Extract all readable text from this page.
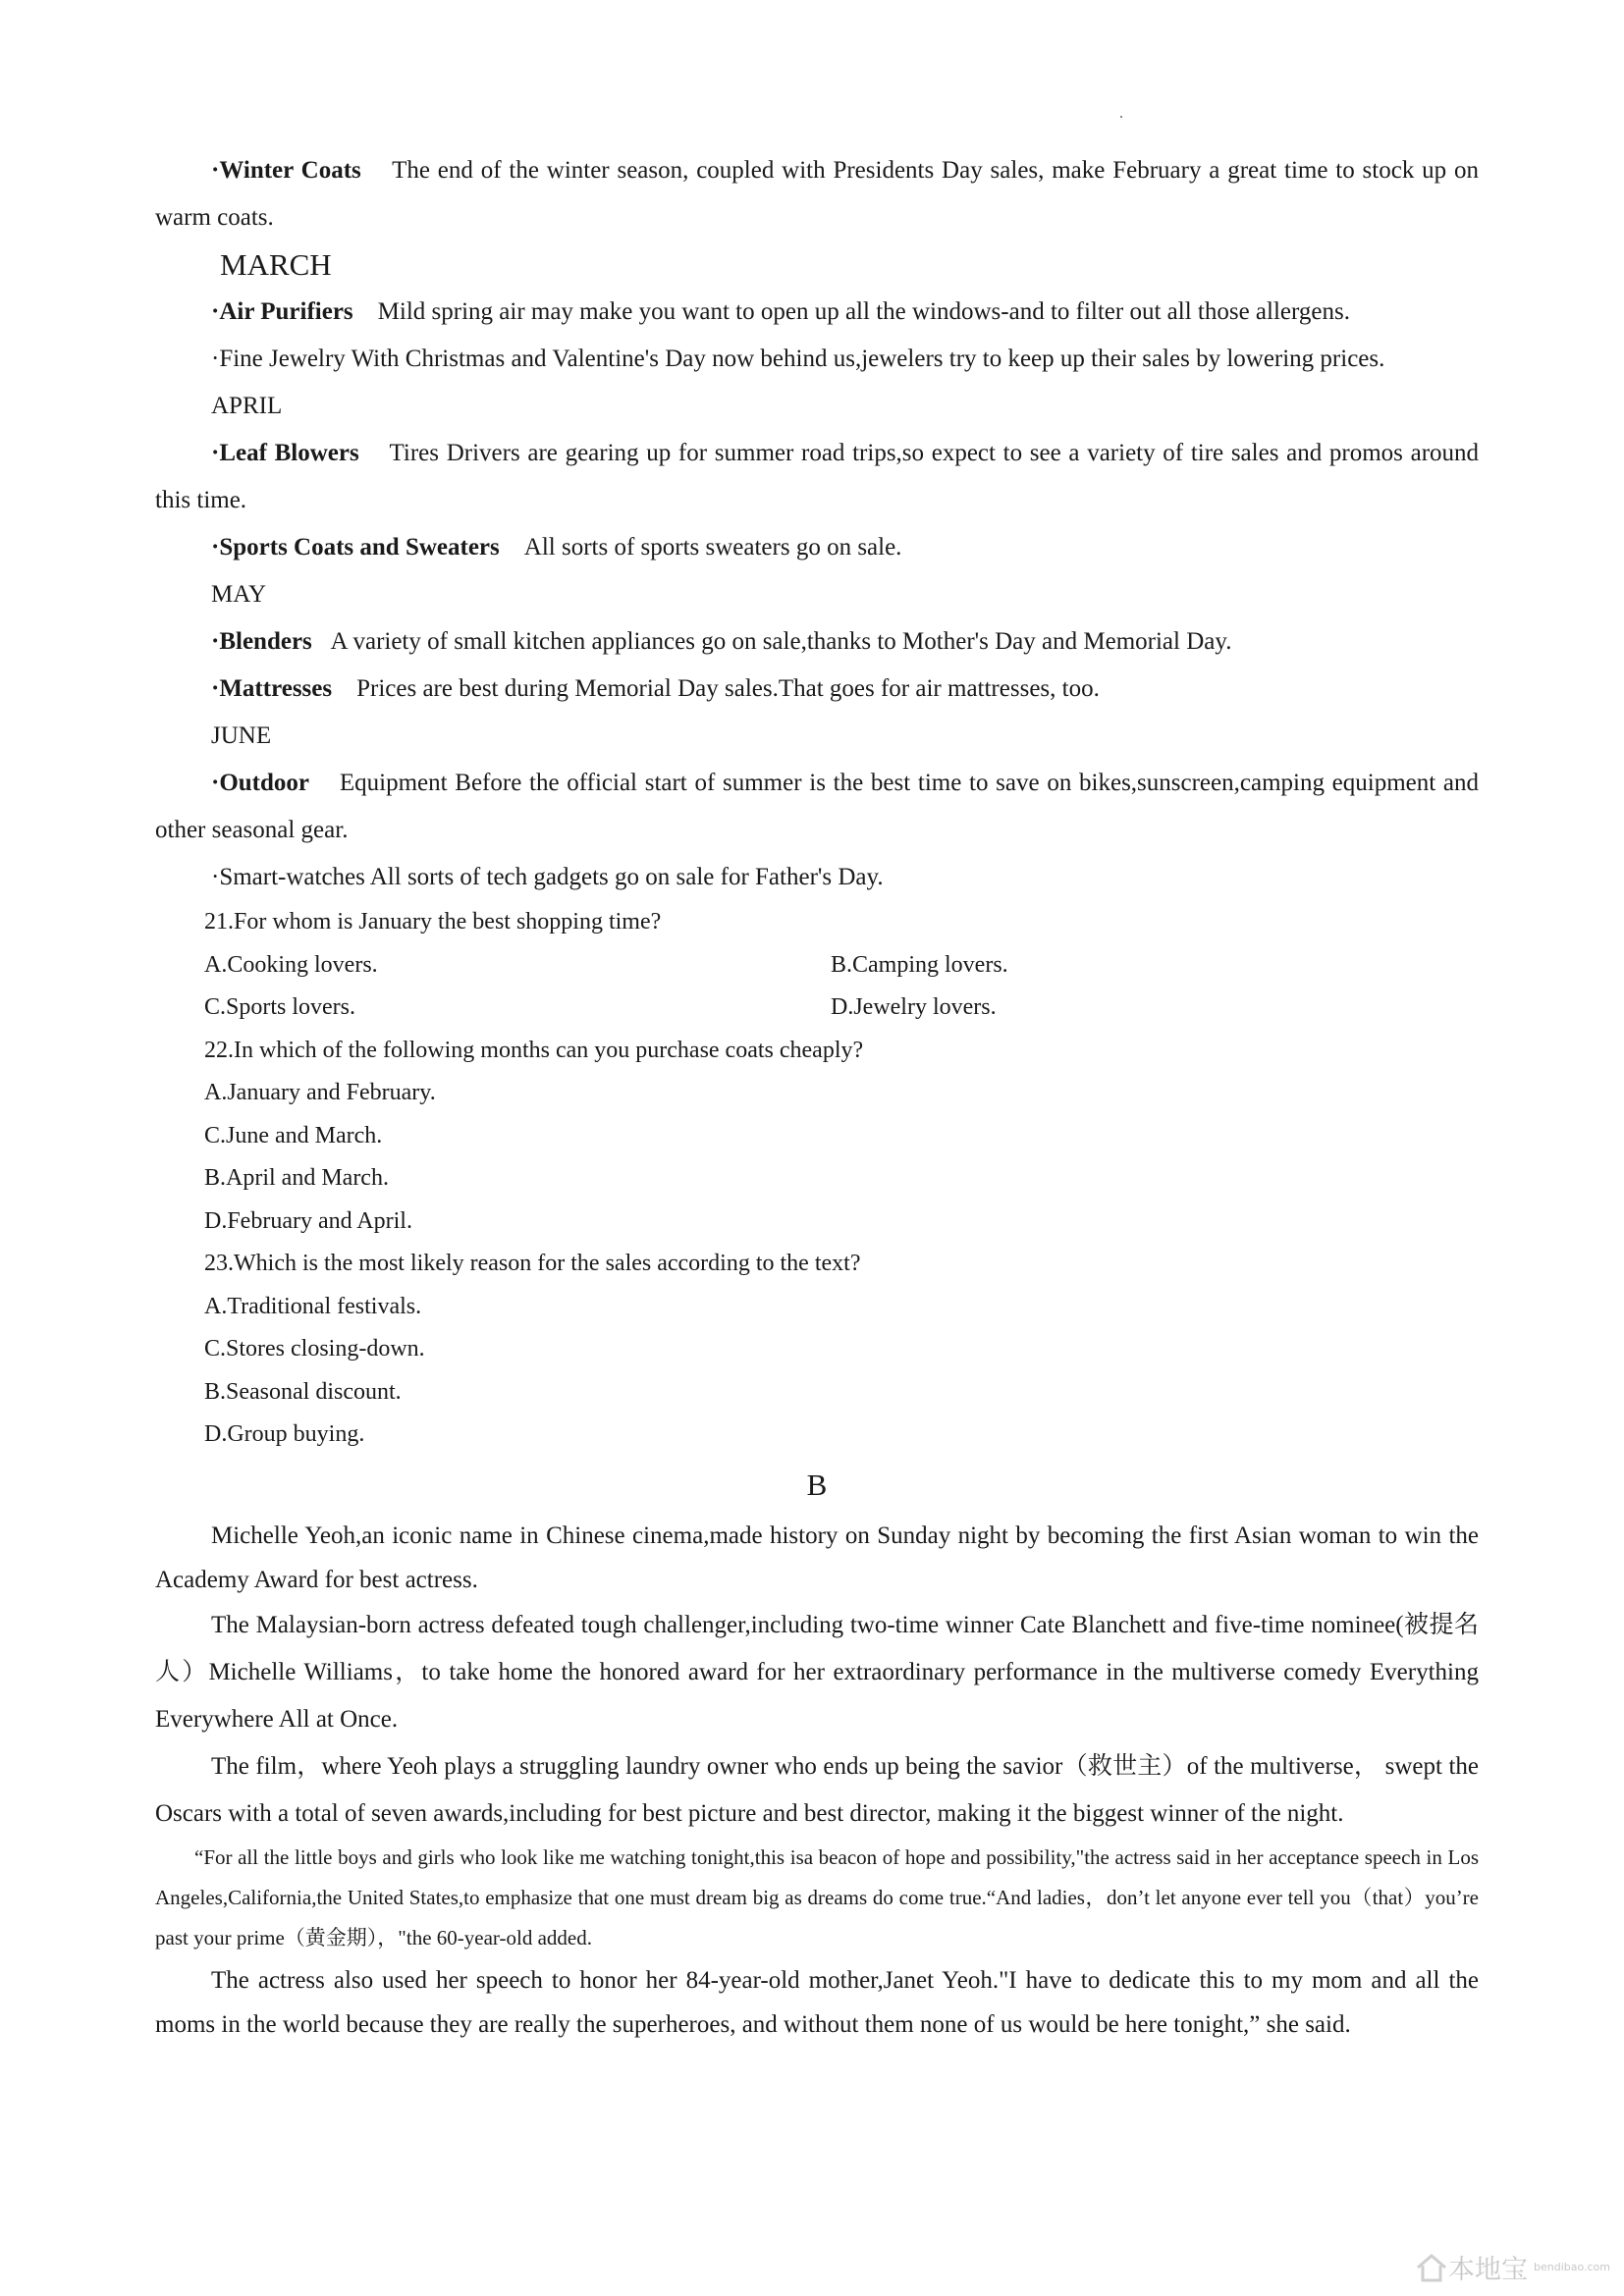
·Winter Coats The end of the winter season, coupled with Presidents Day sales, make February a great time to stock up on warm coats.

MARCH

·Air Purifiers Mild spring air may make you want to open up all the windows-and to filter out all those allergens.

·Fine Jewelry With Christmas and Valentine's Day now behind us,jewelers try to keep up their sales by lowering prices.

APRIL

·Leaf Blowers Tires Drivers are gearing up for summer road trips,so expect to see a variety of tire sales and promos around this time.

·Sports Coats and Sweaters All sorts of sports sweaters go on sale.

MAY

·Blenders A variety of small kitchen appliances go on sale,thanks to Mother's Day and Memorial Day.

·Mattresses Prices are best during Memorial Day sales.That goes for air mattresses, too.

JUNE

·Outdoor Equipment Before the official start of summer is the best time to save on bikes,sunscreen,camping equipment and other seasonal gear.

·Smart-watches All sorts of tech gadgets go on sale for Father's Day.

21.For whom is January the best shopping time?

A.Cooking lovers.	B.Camping lovers.
C.Sports lovers.	D.Jewelry lovers.

22.In which of the following months can you purchase coats cheaply?

A.January and February.

C.June and March.

B.April and March.

D.February and April.

23.Which is the most likely reason for the sales according to the text?

A.Traditional festivals.

C.Stores closing-down.

B.Seasonal discount.

D.Group buying.

B

Michelle Yeoh,an iconic name in Chinese cinema,made history on Sunday night by becoming the first Asian woman to win the Academy Award for best actress.

The Malaysian-born actress defeated tough challenger,including two-time winner Cate Blanchett and five-time nominee(被提名人）Michelle Williams，to take home the honored award for her extraordinary performance in the multiverse comedy Everything Everywhere All at Once.

The film，where Yeoh plays a struggling laundry owner who ends up being the savior（救世主）of the multiverse， swept the Oscars with a total of seven awards,including for best picture and best director, making it the biggest winner of the night.

“For all the little boys and girls who look like me watching tonight,this isa beacon of hope and possibility,"the actress said in her acceptance speech in Los Angeles,California,the United States,to emphasize that one must dream big as dreams do come true.“And ladies，don’t let anyone ever tell you（that）you’re past your prime（黄金期），"the 60-year-old added.

The actress also used her speech to honor her 84-year-old mother,Janet Yeoh."I have to dedicate this to my mom and all the moms in the world because they are really the superheroes, and without them none of us would be here tonight,” she said.

本地宝 bendibao.com
